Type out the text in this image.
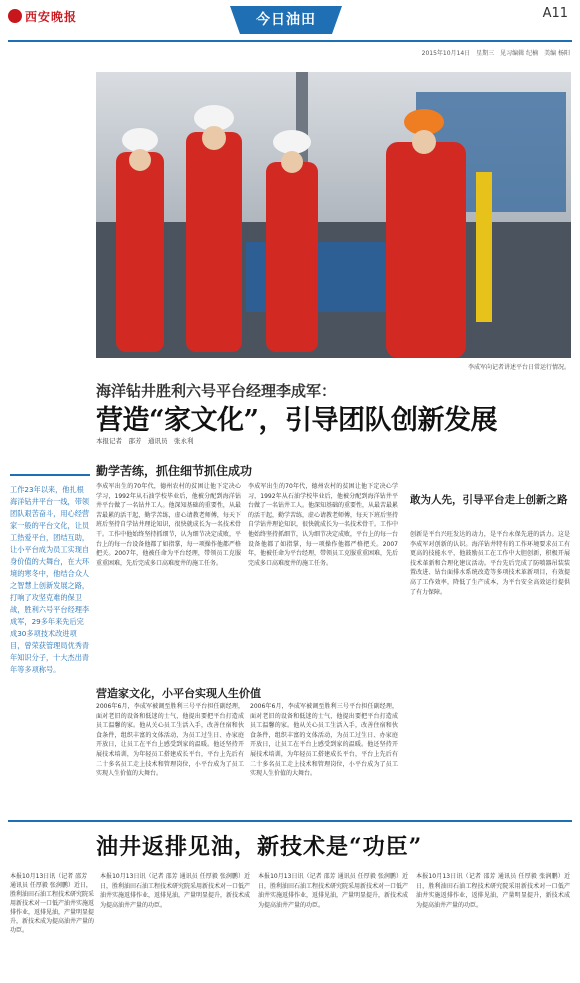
西安晚报	今日油田	A11
2015年10月14日　星期三　见习编辑 纪楠　美编 杨阳
李成军向记者讲述平台日常运行情况。
海洋钻井胜利六号平台经理李成军：
营造“家文化”，引导团队创新发展
本报记者　邵芳　通讯员　张永利
工作23年以来，他扎根海洋钻井平台一线，带领团队艰苦奋斗，用心经营家一般的平台文化，让员工热爱平台，团结互助，让小平台成为员工实现自身价值的大舞台，在大环境的寒冬中，他结合众人之智慧上创新发展之路，打响了攻坚克难的保卫战，胜利六号平台经理李成军，29多年来先后完成30多项技术改进项目，曾荣获管理局优秀青年知识分子，十大杰出青年等多项称号。
勤学苦练，抓住细节抓住成功
李成军出生的70年代，德州农村的贫困让他下定决心学习，1992年从石油学校毕业后，他被分配到海洋钻井平台做了一名钻井工人。他深知基础的重要性，从最苦最累的活干起，勤学苦练，虚心请教老师傅，每天下班后坚持自学钻井理论知识，很快就成长为一名技术骨干。工作中他始终坚持抓细节，认为细节决定成败，平台上的每一台设备他都了如指掌，每一项操作他都严格把关。2007年，他被任命为平台经理，带领员工克服重重困难，先后完成多口高难度井的施工任务。
李成军出生的70年代，德州农村的贫困让他下定决心学习，1992年从石油学校毕业后，他被分配到海洋钻井平台做了一名钻井工人。他深知基础的重要性，从最苦最累的活干起，勤学苦练，虚心请教老师傅，每天下班后坚持自学钻井理论知识，很快就成长为一名技术骨干。工作中他始终坚持抓细节，认为细节决定成败，平台上的每一台设备他都了如指掌，每一项操作他都严格把关。2007年，他被任命为平台经理，带领员工克服重重困难，先后完成多口高难度井的施工任务。
营造家文化，小平台实现人生价值
2006年6月，李成军被调至胜利三号平台担任副经理，面对老旧的设备和低迷的士气，他提出要把平台打造成员工温馨的家。他从关心员工生活入手，改善住宿和伙食条件，组织丰富的文体活动，为员工过生日、办家庭开放日，让员工在平台上感受到家的温暖。他还坚持开展技术培训，为年轻员工搭建成长平台，平台上先后有二十多名员工走上技术和管理岗位，小平台成为了员工实现人生价值的大舞台。
2006年6月，李成军被调至胜利三号平台担任副经理，面对老旧的设备和低迷的士气，他提出要把平台打造成员工温馨的家。他从关心员工生活入手，改善住宿和伙食条件，组织丰富的文体活动，为员工过生日、办家庭开放日，让员工在平台上感受到家的温暖。他还坚持开展技术培训，为年轻员工搭建成长平台，平台上先后有二十多名员工走上技术和管理岗位，小平台成为了员工实现人生价值的大舞台。
敢为人先，引导平台走上创新之路
创新是平台兴旺发达的动力，是平台永保先进的活力。这是李成军对创新的认识。海洋钻井特有的工作环境要求员工有更高的技能水平，他鼓励员工在工作中大胆创新，积极开展技术革新和合理化建议活动。平台先后完成了防喷器吊装装置改进、钻台面排水系统改造等多项技术革新项目，有效提高了工作效率，降低了生产成本，为平台安全高效运行提供了有力保障。
油井返排见油，新技术是“功臣”
本报10月13日讯（记者 邵芳 通讯员 任厚毅 张润鹏）近日，胜利油田石油工程技术研究院采用新技术对一口低产油井实施返排作业，返排见油，产量明显提升，新技术成为提高油井产量的功臣。
本报10月13日讯（记者 邵芳 通讯员 任厚毅 张润鹏）近日，胜利油田石油工程技术研究院采用新技术对一口低产油井实施返排作业，返排见油，产量明显提升，新技术成为提高油井产量的功臣。
本报10月13日讯（记者 邵芳 通讯员 任厚毅 张润鹏）近日，胜利油田石油工程技术研究院采用新技术对一口低产油井实施返排作业，返排见油，产量明显提升，新技术成为提高油井产量的功臣。
本报10月13日讯（记者 邵芳 通讯员 任厚毅 张润鹏）近日，胜利油田石油工程技术研究院采用新技术对一口低产油井实施返排作业，返排见油，产量明显提升，新技术成为提高油井产量的功臣。
